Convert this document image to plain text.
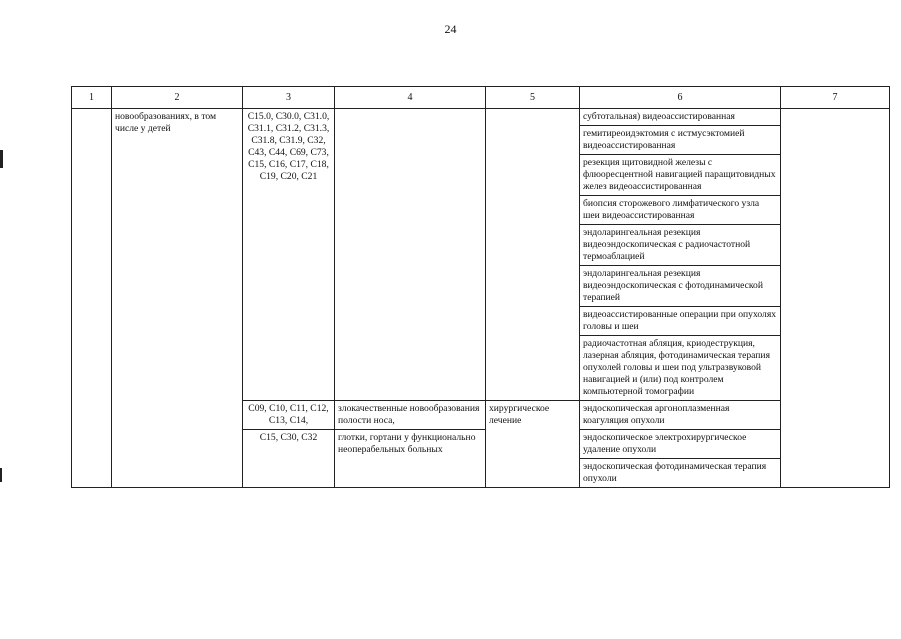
24
1	2	3	4	5	6	7
	новообразованиях, в том числе у детей	C15.0, C30.0, C31.0, C31.1, C31.2, C31.3, C31.8, C31.9, C32, C43, C44, C69, C73, C15, C16, C17, C18, C19, C20, C21			субтотальная) видеоассистированная	
					гемитиреоидэктомия с истмусэктомией видеоассистированная	
					резекция щитовидной железы с флюоресцентной навигацией паращитовидных желез видеоассистированная	
					биопсия сторожевого лимфатического узла шеи видеоассистированная	
					эндоларингеальная резекция видеоэндоскопическая с радиочастотной термоаблацией	
					эндоларингеальная резекция видеоэндоскопическая с фотодинамической терапией	
					видеоассистированные операции при опухолях головы и шеи	
					радиочастотная абляция, криодеструкция, лазерная абляция, фотодинамическая терапия опухолей головы и шеи под ультразвуковой навигацией и (или) под контролем компьютерной томографии	
		C09, C10, C11, C12, C13, C14,	злокачественные новообразования полости носа,	хирургическое лечение	эндоскопическая аргоноплазменная коагуляция опухоли	
		C15, C30, C32	глотки, гортани у функционально неоперабельных больных		эндоскопическое электрохирургическое удаление опухоли	
					эндоскопическая фотодинамическая терапия опухоли	
